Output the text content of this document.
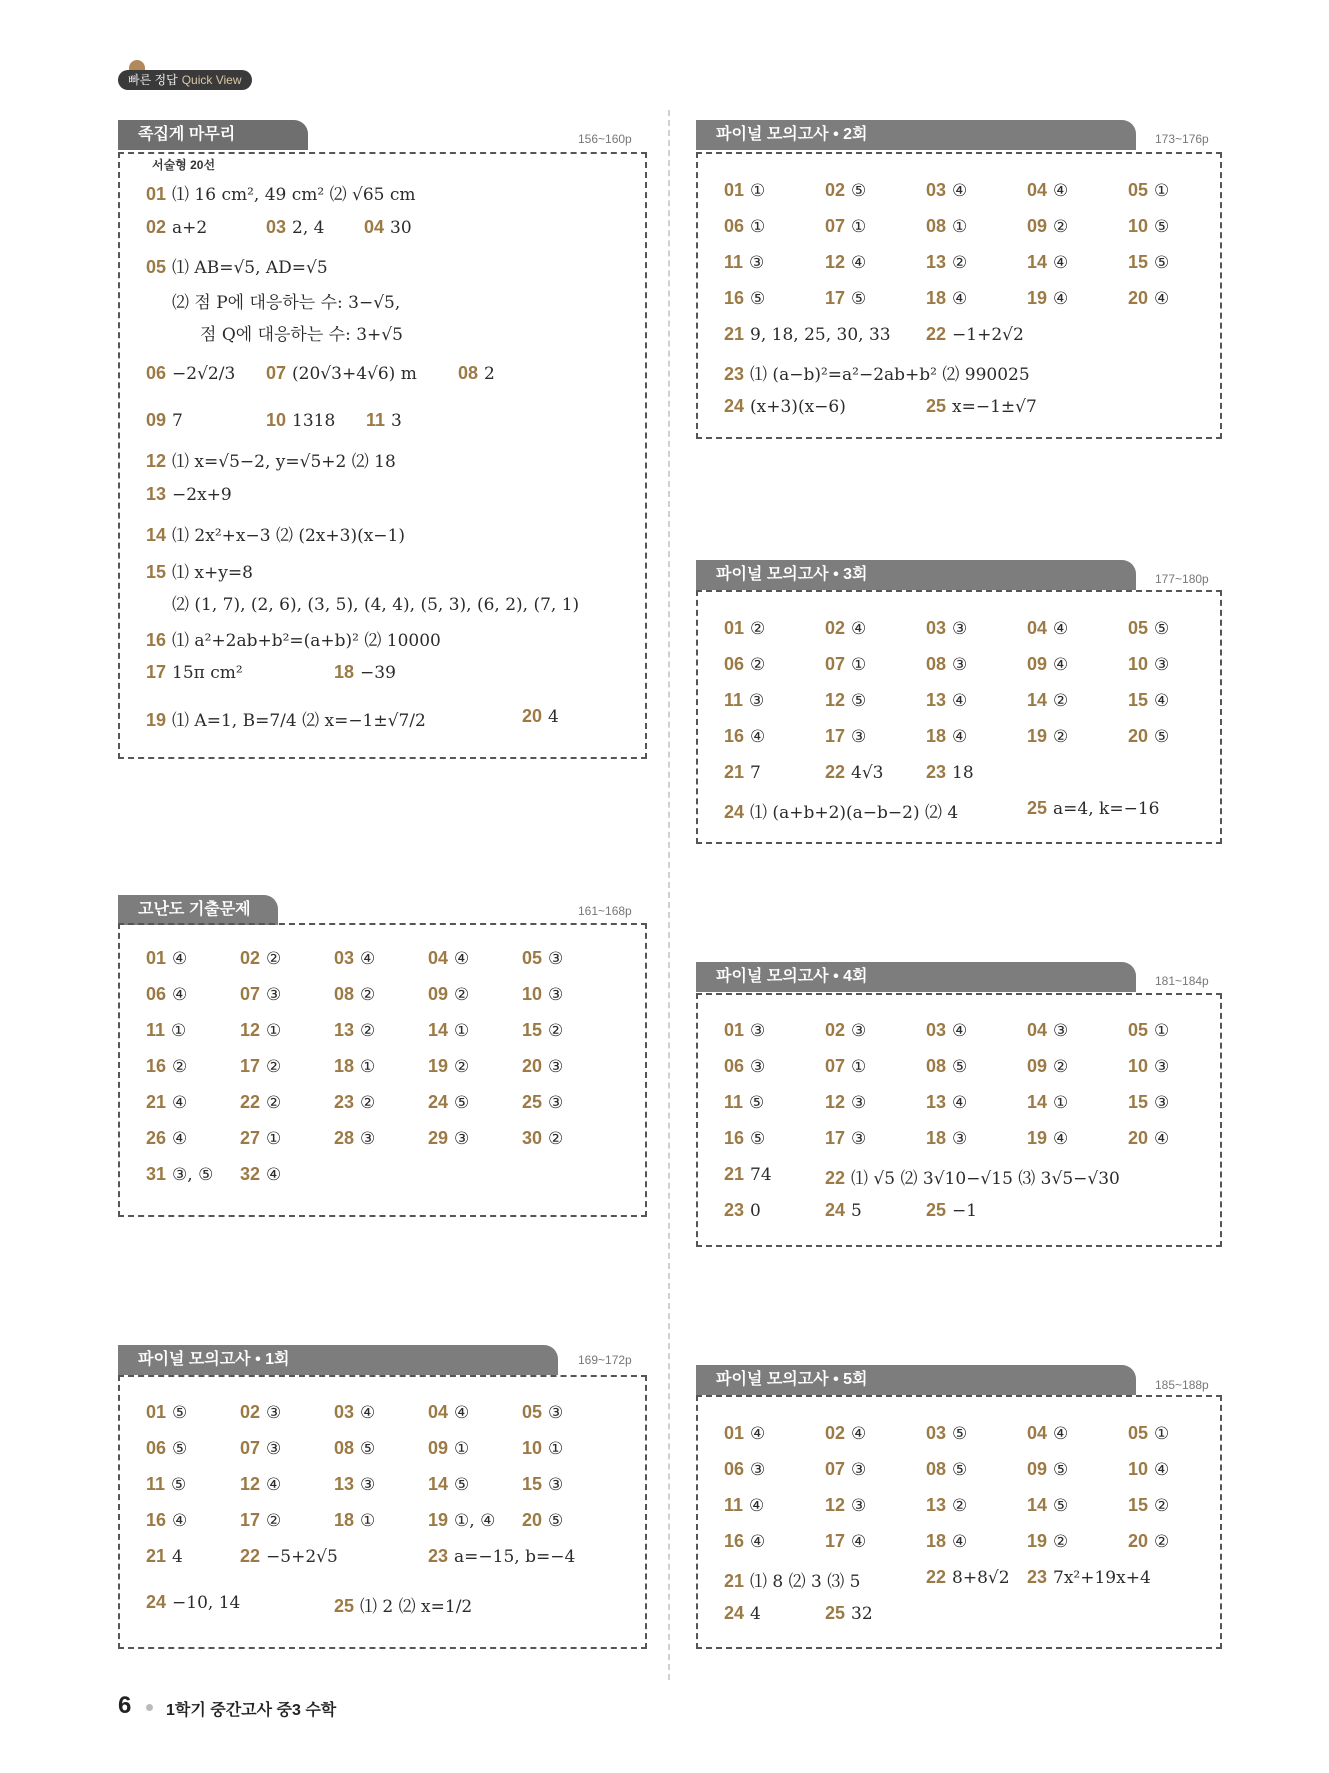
빠른 정답 Quick View
족집게 마무리 서술형 20선
156~160p
01 ⑴ 16 cm², 49 cm² ⑵ √65 cm
02 a+2	03 2, 4 04 30
05 ⑴ AB=√5, AD=√5
⑵ 점 P에 대응하는 수: 3−√5,
점 Q에 대응하는 수: 3+√5
06 −2√2/3 07 (20√3+4√6) m 08 2
09 7	10 1318 11 3
12 ⑴ x=√5−2, y=√5+2 ⑵ 18
13 −2x+9
14 ⑴ 2x²+x−3 ⑵ (2x+3)(x−1)
15 ⑴ x+y=8
⑵ (1, 7), (2, 6), (3, 5), (4, 4), (5, 3), (6, 2), (7, 1)
16 ⑴ a²+2ab+b²=(a+b)² ⑵ 10000
17 15π cm²	18 −39
19 ⑴ A=1, B=7/4 ⑵ x=−1±√7/2	20 4
고난도 기출문제	161~168p
01 ④	02 ②	03 ④	04 ④	05 ③
06 ④	07 ③	08 ②	09 ②	10 ③
11 ①	12 ①	13 ②	14 ①	15 ②
16 ②	17 ②	18 ①	19 ②	20 ③
21 ④	22 ②	23 ②	24 ⑤	25 ③
26 ④	27 ①	28 ③	29 ③	30 ②
31 ③, ⑤ 32 ④
파이널 모의고사 • 1회	169~172p
01 ⑤	02 ③	03 ④	04 ④	05 ③
06 ⑤	07 ③	08 ⑤	09 ①	10 ①
11 ⑤	12 ④	13 ③	14 ⑤	15 ③
16 ④	17 ②	18 ①	19 ①, ④ 20 ⑤
21 4	22 −5+2√5	23 a=−15, b=−4
24 −10, 14	25 ⑴ 2 ⑵ x=1/2
파이널 모의고사 • 2회	173~176p
01 ①	02 ⑤	03 ④	04 ④	05 ①
06 ①	07 ①	08 ①	09 ②	10 ⑤
11 ③	12 ④	13 ②	14 ④	15 ⑤
16 ⑤	17 ⑤	18 ④	19 ④	20 ④
21 9, 18, 25, 30, 33 22 −1+2√2
23 ⑴ (a−b)²=a²−2ab+b² ⑵ 990025
24 (x+3)(x−6)	25 x=−1±√7
파이널 모의고사 • 3회	177~180p
01 ②	02 ④	03 ③	04 ④	05 ⑤
06 ②	07 ①	08 ③	09 ④	10 ③
11 ③	12 ⑤	13 ④	14 ②	15 ④
16 ④	17 ③	18 ④	19 ②	20 ⑤
21 7	22 4√3 23 18
24 ⑴ (a+b+2)(a−b−2) ⑵ 4	25 a=4, k=−16
파이널 모의고사 • 4회	181~184p
01 ③	02 ③	03 ④	04 ③	05 ①
06 ③	07 ①	08 ⑤	09 ②	10 ③
11 ⑤	12 ③	13 ④	14 ①	15 ③
16 ⑤	17 ③	18 ③	19 ④	20 ④
21 74	22 ⑴ √5 ⑵ 3√10−√15 ⑶ 3√5−√30
23 0	24 5	25 −1
파이널 모의고사 • 5회	185~188p
01 ④	02 ④	03 ⑤	04 ④	05 ①
06 ③	07 ③	08 ⑤	09 ⑤	10 ④
11 ④	12 ③	13 ②	14 ⑤	15 ②
16 ④	17 ④	18 ④	19 ②	20 ②
21 ⑴ 8 ⑵ 3 ⑶ 5	22 8+8√2 23 7x²+19x+4
24 4	25 32
6 1학기 중간고사 중3 수학
